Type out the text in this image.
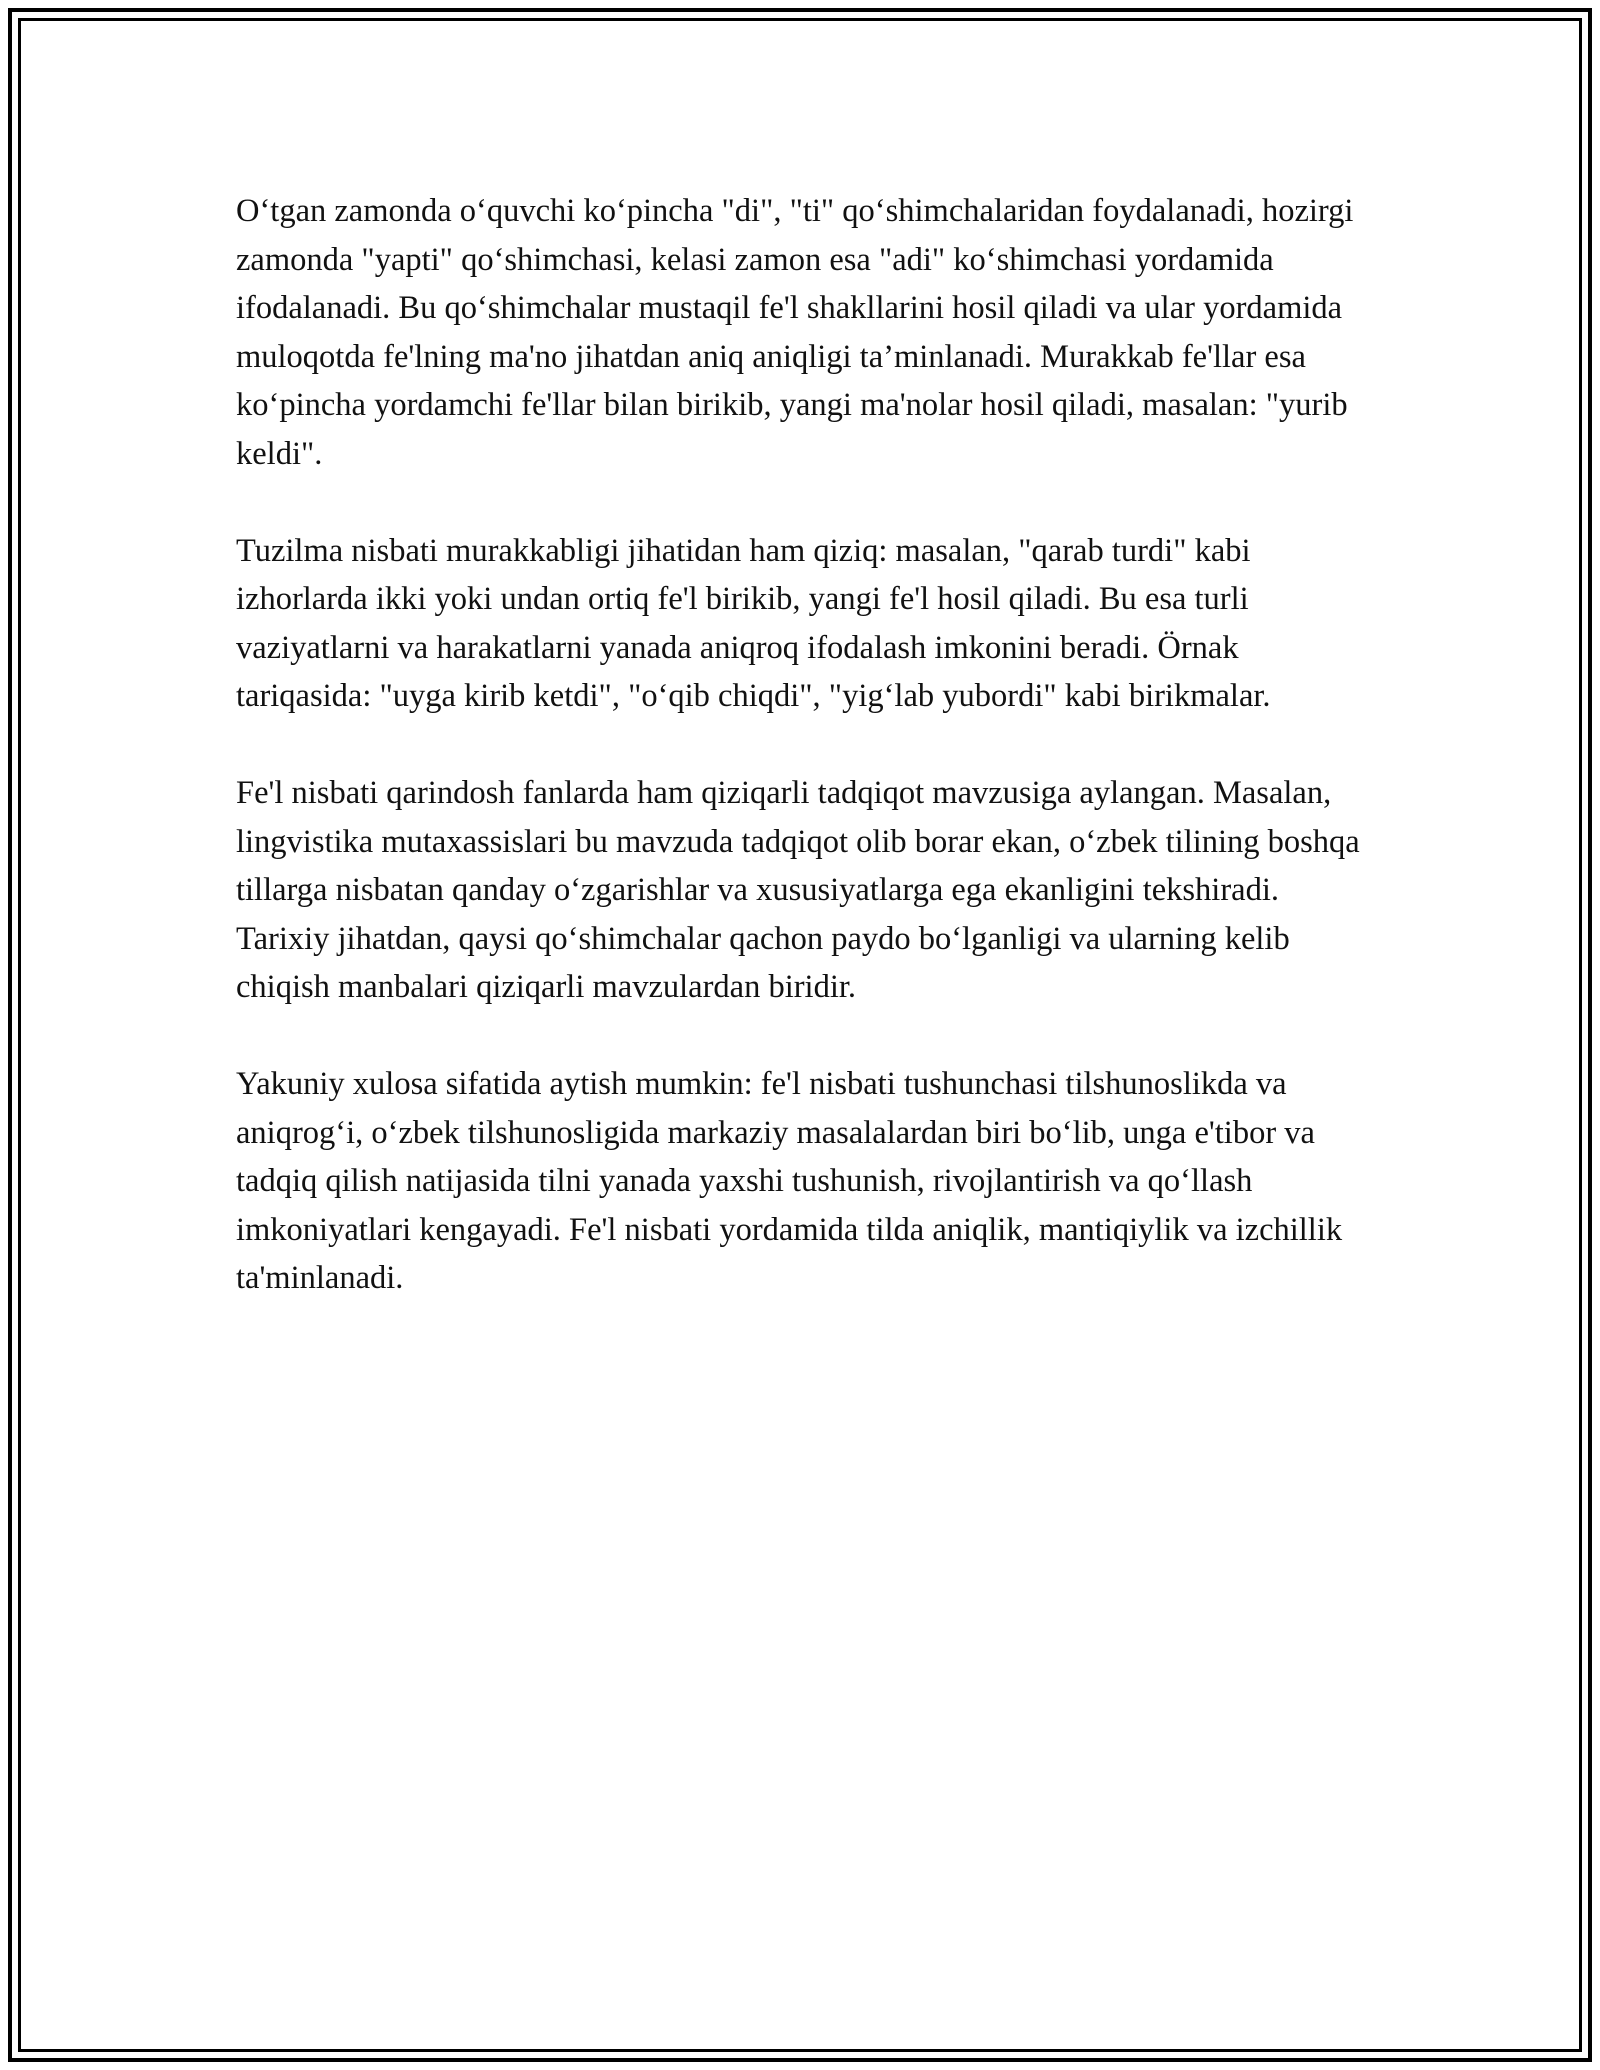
O‘tgan zamonda o‘quvchi ko‘pincha "di", "ti" qo‘shimchalaridan foydalanadi, hozirgi zamonda "yapti" qo‘shimchasi, kelasi zamon esa "adi" ko‘shimchasi yordamida ifodalanadi. Bu qo‘shimchalar mustaqil fe'l shakllarini hosil qiladi va ular yordamida muloqotda fe'lning ma'no jihatdan aniq aniqligi ta’minlanadi. Murakkab fe'llar esa ko‘pincha yordamchi fe'llar bilan birikib, yangi ma'nolar hosil qiladi, masalan: "yurib keldi".

Tuzilma nisbati murakkabligi jihatidan ham qiziq: masalan, "qarab turdi" kabi izhorlarda ikki yoki undan ortiq fe'l birikib, yangi fe'l hosil qiladi. Bu esa turli vaziyatlarni va harakatlarni yanada aniqroq ifodalash imkonini beradi. Örnak tariqasida: "uyga kirib ketdi", "o‘qib chiqdi", "yig‘lab yubordi" kabi birikmalar.

Fe'l nisbati qarindosh fanlarda ham qiziqarli tadqiqot mavzusiga aylangan. Masalan, lingvistika mutaxassislari bu mavzuda tadqiqot olib borar ekan, o‘zbek tilining boshqa tillarga nisbatan qanday o‘zgarishlar va xususiyatlarga ega ekanligini tekshiradi. Tarixiy jihatdan, qaysi qo‘shimchalar qachon paydo bo‘lganligi va ularning kelib chiqish manbalari qiziqarli mavzulardan biridir.

Yakuniy xulosa sifatida aytish mumkin: fe'l nisbati tushunchasi tilshunoslikda va aniqrog‘i, o‘zbek tilshunosligida markaziy masalalardan biri bo‘lib, unga e'tibor va tadqiq qilish natijasida tilni yanada yaxshi tushunish, rivojlantirish va qo‘llash imkoniyatlari kengayadi. Fe'l nisbati yordamida tilda aniqlik, mantiqiylik va izchillik ta'minlanadi.
